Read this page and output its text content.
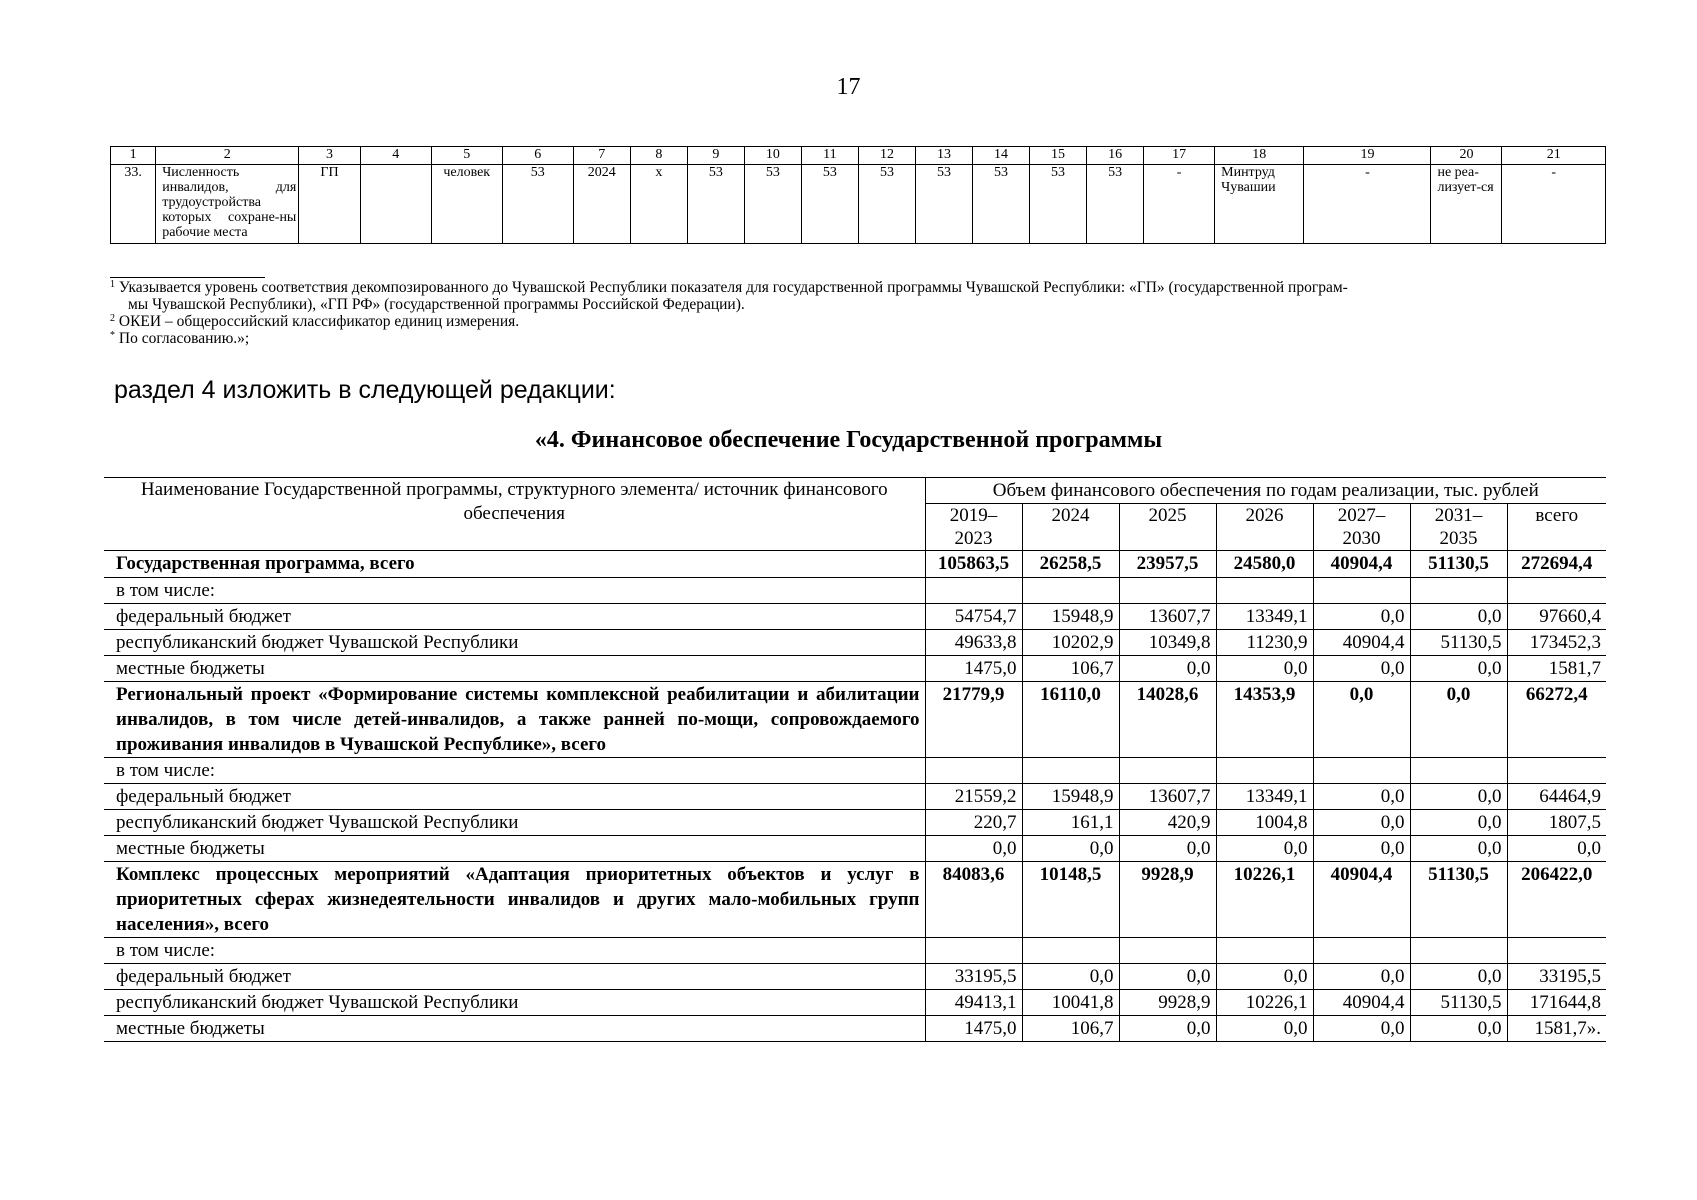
17
1	2	3	4	5	6	7	8	9	10	11	12	13	14	15	16	17	18	19	20	21
33.	Численность инвалидов, для трудоустройства которых сохране-ны рабочие места	ГП		человек	53	2024	х	53	53	53	53	53	53	53	53	-	Минтруд Чувашии	-	не реа-лизует-ся	-

$^1$ Указывается уровень соответствия декомпозированного до Чувашской Республики показателя для государственной программы Чувашской Республики: «ГП» (государственной програм-

мы Чувашской Республики), «ГП РФ» (государственной программы Российской Федерации).

$^2$ ОКЕИ – общероссийский классификатор единиц измерения.

* По согласованию.»;

раздел 4 изложить в следующей редакции:
«4. Финансовое обеспечение Государственной программы
Наименование Государственной программы, структурного элемента/ источник финансового обеспечения	Объем финансового обеспечения по годам реализации, тыс. рублей						
	2019–2023	2024	2025	2026	2027–2030	2031–2035	всего
Государственная программа, всего	105863,5	26258,5	23957,5	24580,0	40904,4	51130,5	272694,4
в том числе:							
федеральный бюджет	54754,7	15948,9	13607,7	13349,1	0,0	0,0	97660,4
республиканский бюджет Чувашской Республики	49633,8	10202,9	10349,8	11230,9	40904,4	51130,5	173452,3
местные бюджеты	1475,0	106,7	0,0	0,0	0,0	0,0	1581,7
Региональный проект «Формирование системы комплексной реабилитации и абилитации инвалидов, в том числе детей-инвалидов, а также ранней по-мощи, сопровождаемого проживания инвалидов в Чувашской Республике», всего	21779,9	16110,0	14028,6	14353,9	0,0	0,0	66272,4
в том числе:							
федеральный бюджет	21559,2	15948,9	13607,7	13349,1	0,0	0,0	64464,9
республиканский бюджет Чувашской Республики	220,7	161,1	420,9	1004,8	0,0	0,0	1807,5
местные бюджеты	0,0	0,0	0,0	0,0	0,0	0,0	0,0
Комплекс процессных мероприятий «Адаптация приоритетных объектов и услуг в приоритетных сферах жизнедеятельности инвалидов и других мало-мобильных групп населения», всего	84083,6	10148,5	9928,9	10226,1	40904,4	51130,5	206422,0
в том числе:							
федеральный бюджет	33195,5	0,0	0,0	0,0	0,0	0,0	33195,5
республиканский бюджет Чувашской Республики	49413,1	10041,8	9928,9	10226,1	40904,4	51130,5	171644,8
местные бюджеты	1475,0	106,7	0,0	0,0	0,0	0,0	1581,7».
